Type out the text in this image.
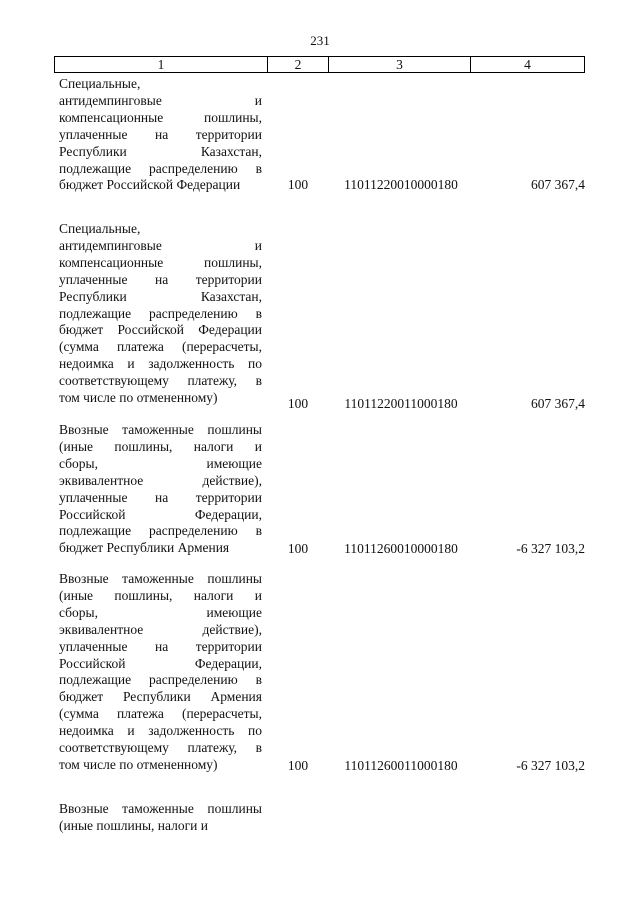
231
1	2	3	4
Специальные,
антидемпинговые и
компенсационные пошлины,
уплаченные на территории
Республики Казахстан,
подлежащие распределению в
бюджет Российской Федерации	100	11011220010000180	607 367,4
Специальные,
антидемпинговые и
компенсационные пошлины,
уплаченные на территории
Республики Казахстан,
подлежащие распределению в
бюджет Российской Федерации
(сумма платежа (перерасчеты,
недоимка и задолженность по
соответствующему платежу, в
том числе по отмененному)	100	11011220011000180	607 367,4
Ввозные таможенные пошлины
(иные пошлины, налоги и
сборы, имеющие
эквивалентное действие),
уплаченные на территории
Российской Федерации,
подлежащие распределению в
бюджет Республики Армения	100	11011260010000180	-6 327 103,2
Ввозные таможенные пошлины
(иные пошлины, налоги и
сборы, имеющие
эквивалентное действие),
уплаченные на территории
Российской Федерации,
подлежащие распределению в
бюджет Республики Армения
(сумма платежа (перерасчеты,
недоимка и задолженность по
соответствующему платежу, в
том числе по отмененному)	100	11011260011000180	-6 327 103,2
Ввозные таможенные пошлины
(иные пошлины, налоги и
